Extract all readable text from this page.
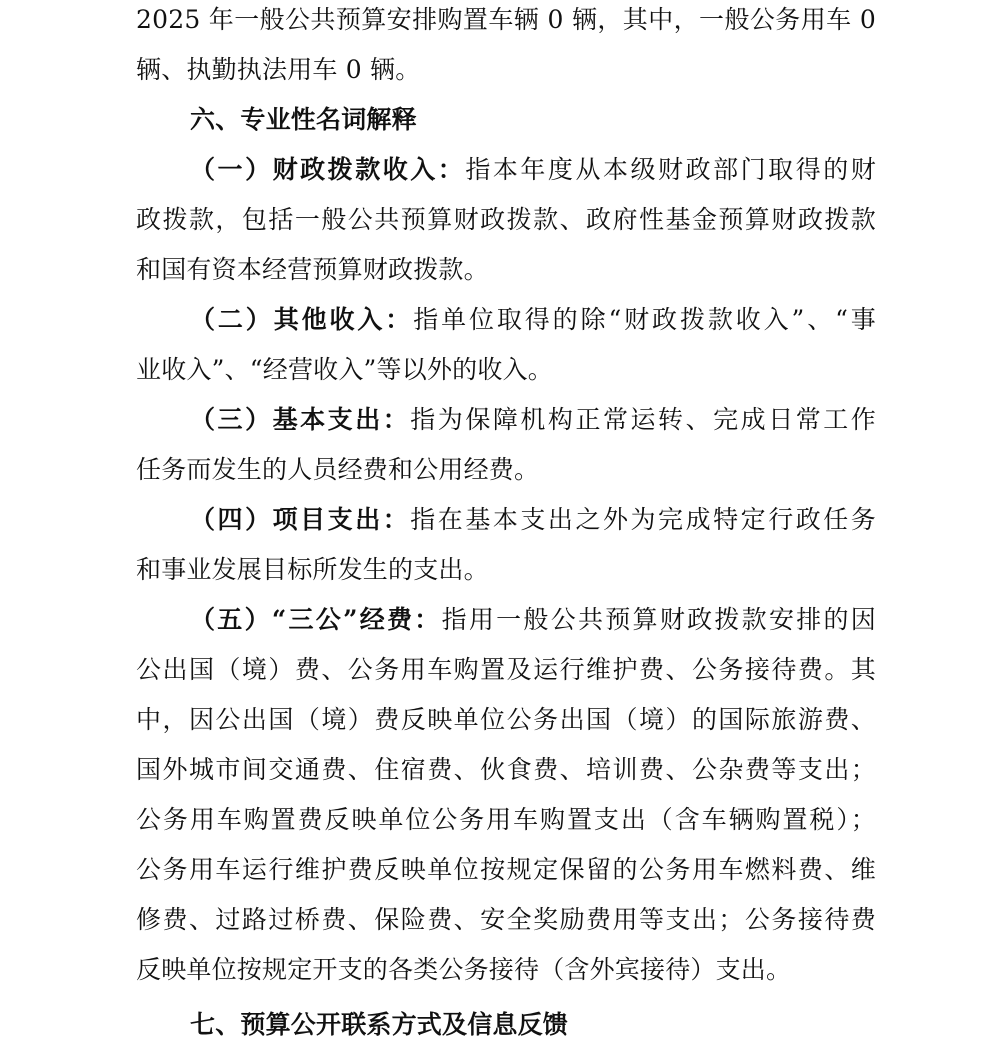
2025 年一般公共预算安排购置车辆 0 辆，其中，一般公务用车 0
辆、执勤执法用车 0 辆。
六、专业性名词解释
（一）财政拨款收入：指本年度从本级财政部门取得的财
政拨款，包括一般公共预算财政拨款、政府性基金预算财政拨款
和国有资本经营预算财政拨款。
（二）其他收入：指单位取得的除“财政拨款收入”、“事
业收入”、“经营收入”等以外的收入。
（三）基本支出：指为保障机构正常运转、完成日常工作
任务而发生的人员经费和公用经费。
（四）项目支出：指在基本支出之外为完成特定行政任务
和事业发展目标所发生的支出。
（五）“三公”经费：指用一般公共预算财政拨款安排的因
公出国（境）费、公务用车购置及运行维护费、公务接待费。其
中，因公出国（境）费反映单位公务出国（境）的国际旅游费、
国外城市间交通费、住宿费、伙食费、培训费、公杂费等支出；
公务用车购置费反映单位公务用车购置支出（含车辆购置税）；
公务用车运行维护费反映单位按规定保留的公务用车燃料费、维
修费、过路过桥费、保险费、安全奖励费用等支出；公务接待费
反映单位按规定开支的各类公务接待（含外宾接待）支出。
七、预算公开联系方式及信息反馈
